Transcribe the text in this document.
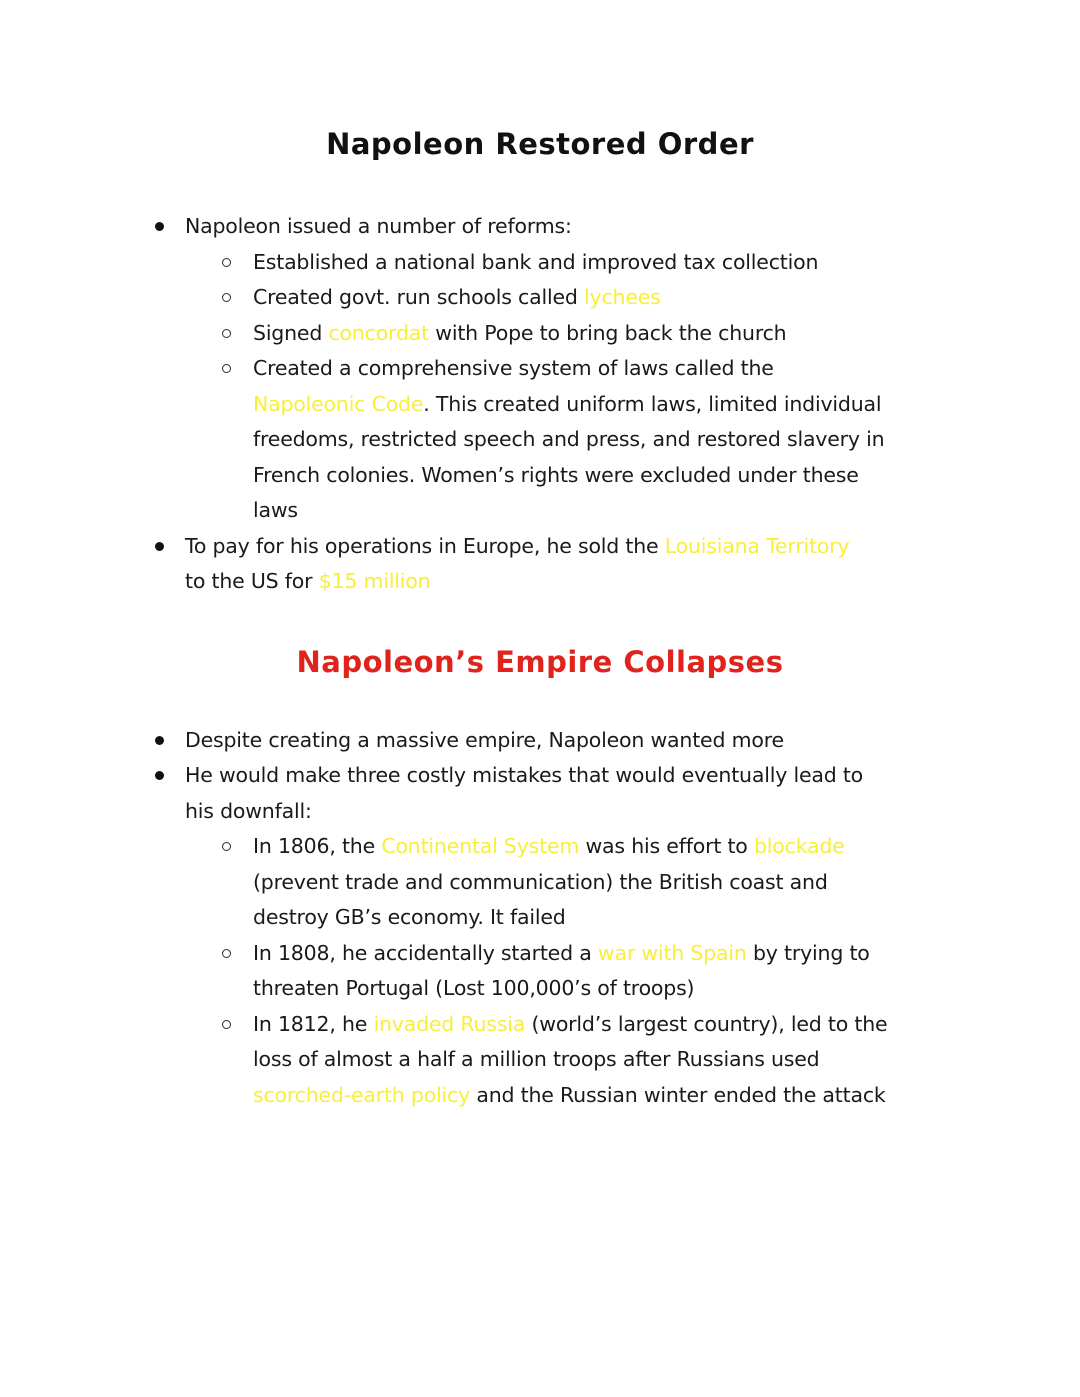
Napoleon Restored Order
Napoleon issued a number of reforms:
Established a national bank and improved tax collection
Created govt. run schools called lychees
Signed concordat with Pope to bring back the church
Created a comprehensive system of laws called the
Napoleonic Code. This created uniform laws, limited individual
freedoms, restricted speech and press, and restored slavery in
French colonies. Women’s rights were excluded under these
laws
To pay for his operations in Europe, he sold the Louisiana Territory
to the US for $15 million
Napoleon’s Empire Collapses
Despite creating a massive empire, Napoleon wanted more
He would make three costly mistakes that would eventually lead to
his downfall:
In 1806, the Continental System was his effort to blockade
(prevent trade and communication) the British coast and
destroy GB’s economy. It failed
In 1808, he accidentally started a war with Spain by trying to
threaten Portugal (Lost 100,000’s of troops)
In 1812, he invaded Russia (world’s largest country), led to the
loss of almost a half a million troops after Russians used
scorched-earth policy and the Russian winter ended the attack
